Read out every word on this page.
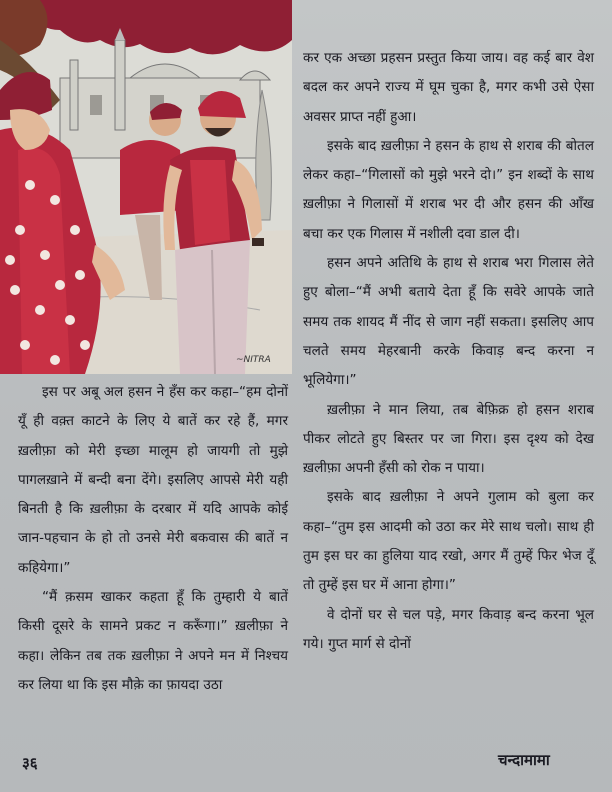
~NITRA

इस पर अबू अल हसन ने हँस कर कहा–“हम दोनों यूँ ही वक़्त काटने के लिए ये बातें कर रहे हैं, मगर ख़लीफ़ा को मेरी इच्छा मालूम हो जायगी तो मुझे पागलख़ाने में बन्दी बना देंगे। इसलिए आपसे मेरी यही बिनती है कि ख़लीफ़ा के दरबार में यदि आपके कोई जान-पहचान के हो तो उनसे मेरी बकवास की बातें न कहियेगा।”

“मैं क़सम खाकर कहता हूँ कि तुम्हारी ये बातें किसी दूसरे के सामने प्रकट न करूँगा।” ख़लीफ़ा ने कहा। लेकिन तब तक ख़लीफ़ा ने अपने मन में निश्चय कर लिया था कि इस मौक़े का फ़ायदा उठा

कर एक अच्छा प्रहसन प्रस्तुत किया जाय। वह कई बार वेश बदल कर अपने राज्य में घूम चुका है, मगर कभी उसे ऐसा अवसर प्राप्त नहीं हुआ।

इसके बाद ख़लीफ़ा ने हसन के हाथ से शराब की बोतल लेकर कहा–“गिलासों को मुझे भरने दो।” इन शब्दों के साथ ख़लीफ़ा ने गिलासों में शराब भर दी और हसन की आँख बचा कर एक गिलास में नशीली दवा डाल दी।

हसन अपने अतिथि के हाथ से शराब भरा गिलास लेते हुए बोला–“मैं अभी बताये देता हूँ कि सवेरे आपके जाते समय तक शायद मैं नींद से जाग नहीं सकता। इसलिए आप चलते समय मेहरबानी करके किवाड़ बन्द करना न भूलियेगा।”

ख़लीफ़ा ने मान लिया, तब बेफ़िक्र हो हसन शराब पीकर लोटते हुए बिस्तर पर जा गिरा। इस दृश्य को देख ख़लीफ़ा अपनी हँसी को रोक न पाया।

इसके बाद ख़लीफ़ा ने अपने गुलाम को बुला कर कहा–“तुम इस आदमी को उठा कर मेरे साथ चलो। साथ ही तुम इस घर का हुलिया याद रखो, अगर मैं तुम्हें फिर भेज दूँ तो तुम्हें इस घर में आना होगा।”

वे दोनों घर से चल पड़े, मगर किवाड़ बन्द करना भूल गये। गुप्त मार्ग से दोनों

३६	चन्दामामा
